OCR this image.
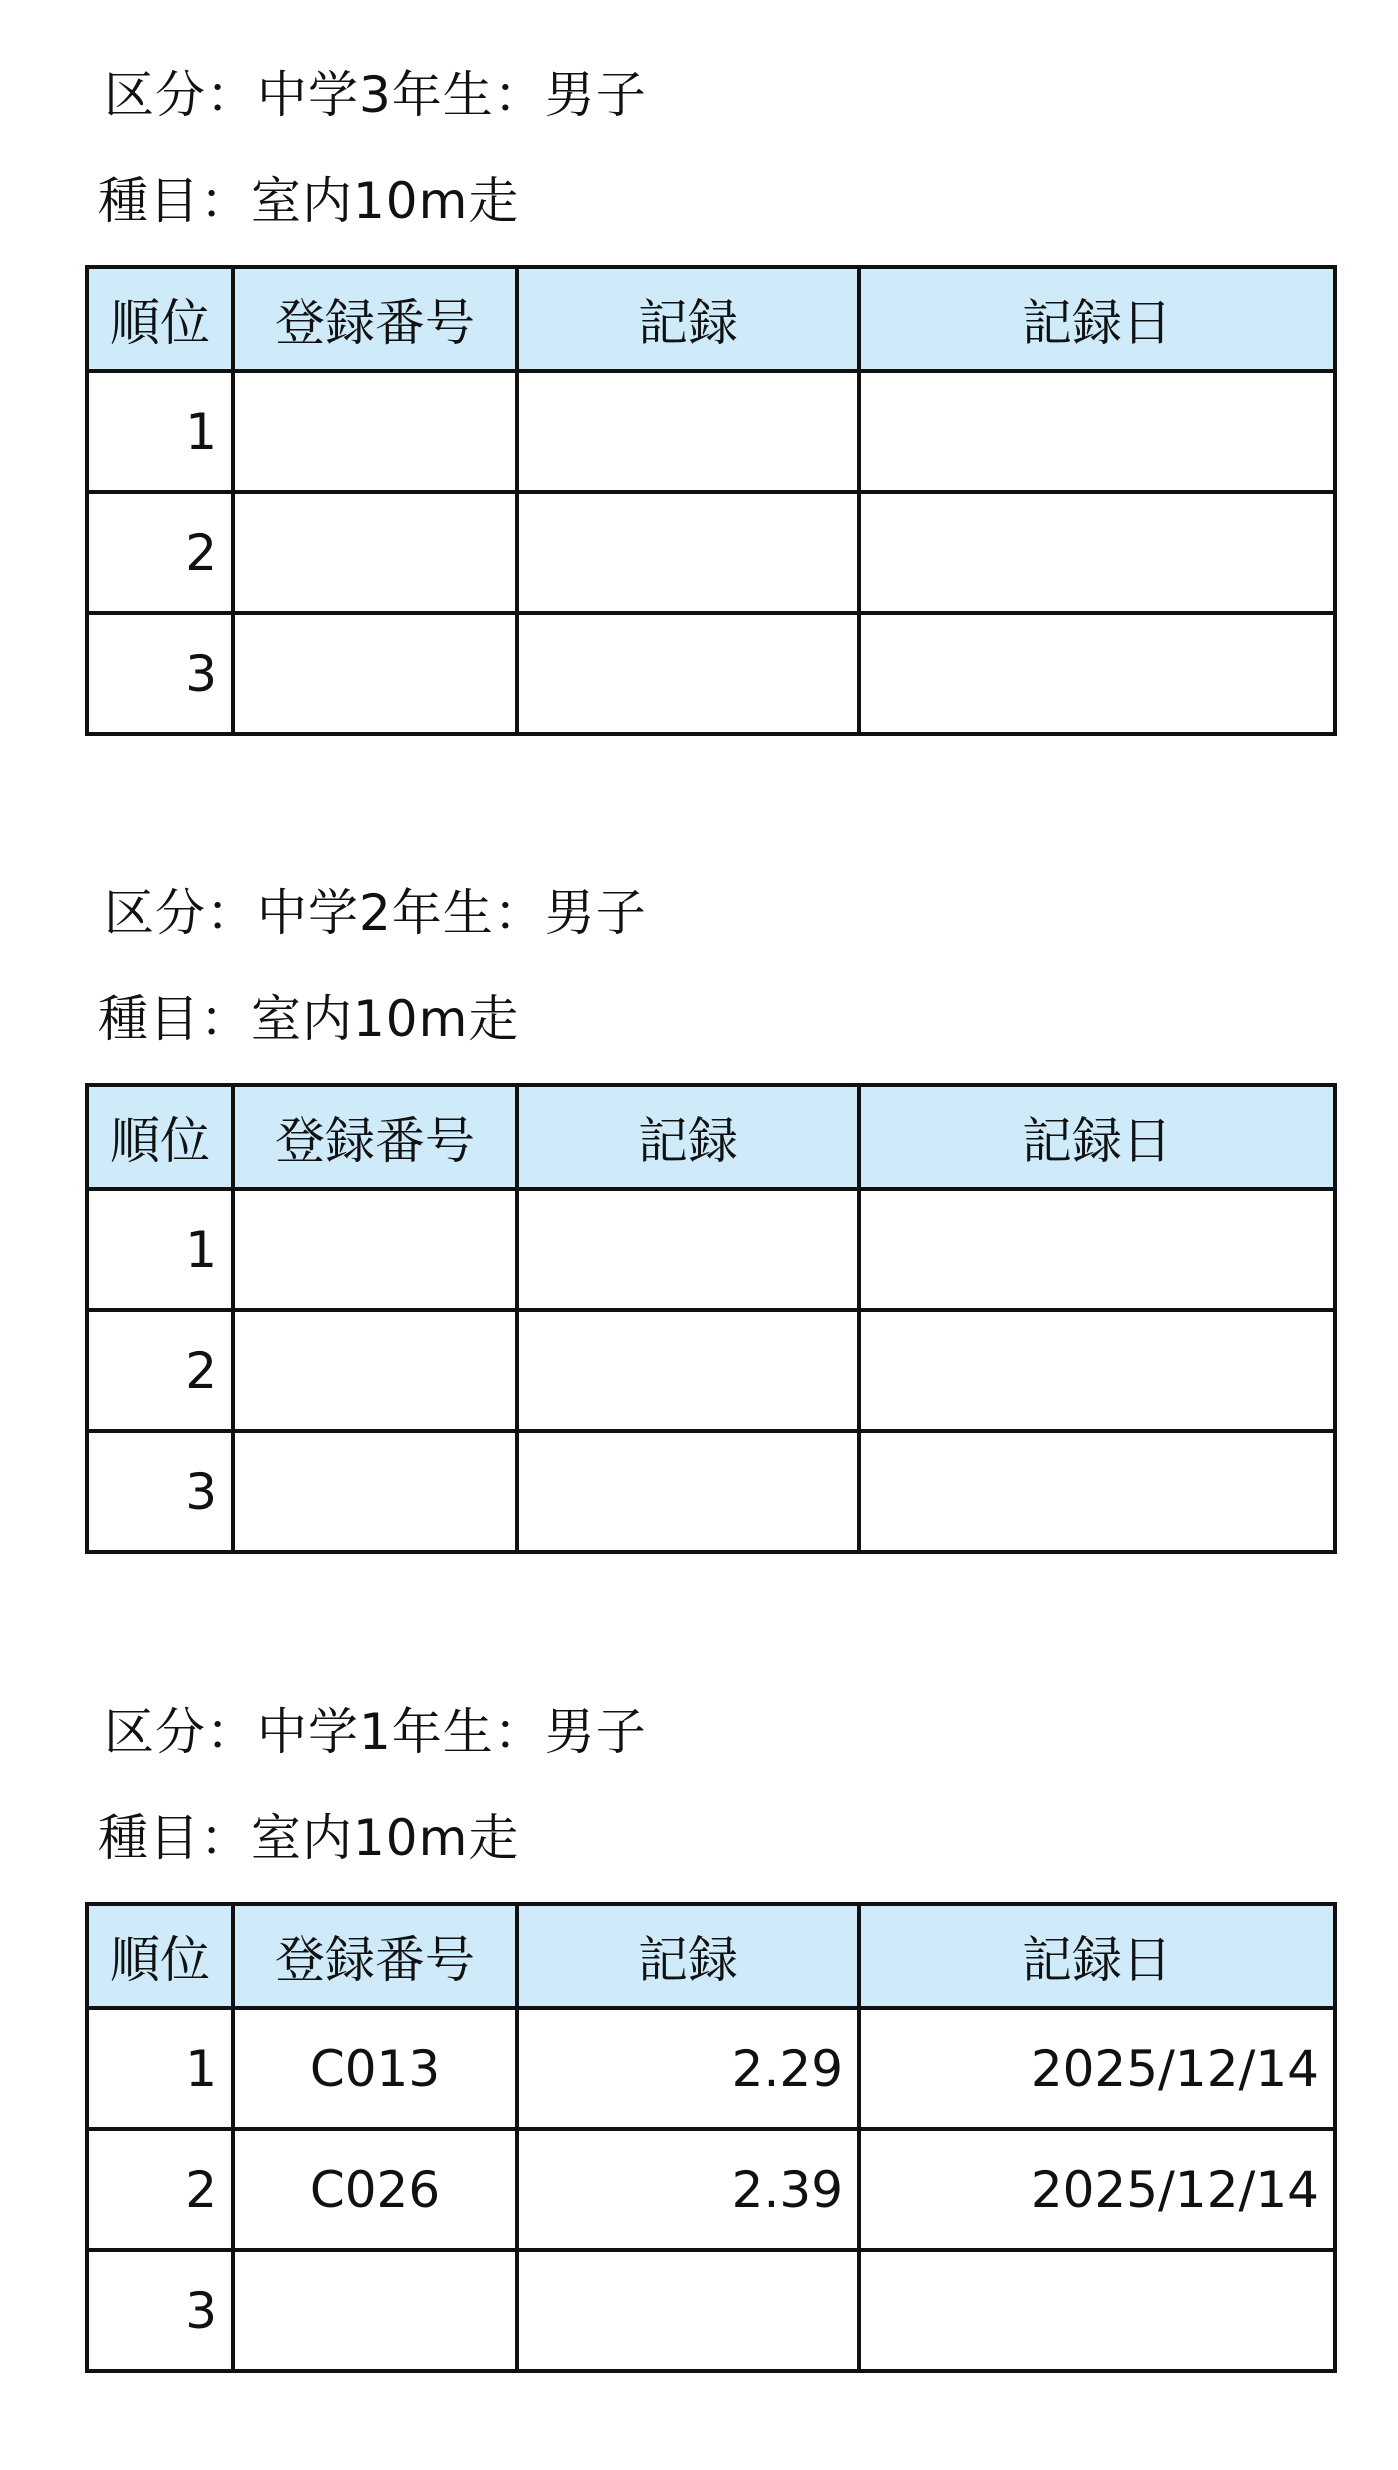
区分：中学3年生：男子
種目：室内10m走
順位	登録番号	記録	記録日
1			
2			
3			
区分：中学2年生：男子
種目：室内10m走
順位	登録番号	記録	記録日
1			
2			
3			
区分：中学1年生：男子
種目：室内10m走
順位	登録番号	記録	記録日
1	C013	2.29	2025/12/14
2	C026	2.39	2025/12/14
3			
